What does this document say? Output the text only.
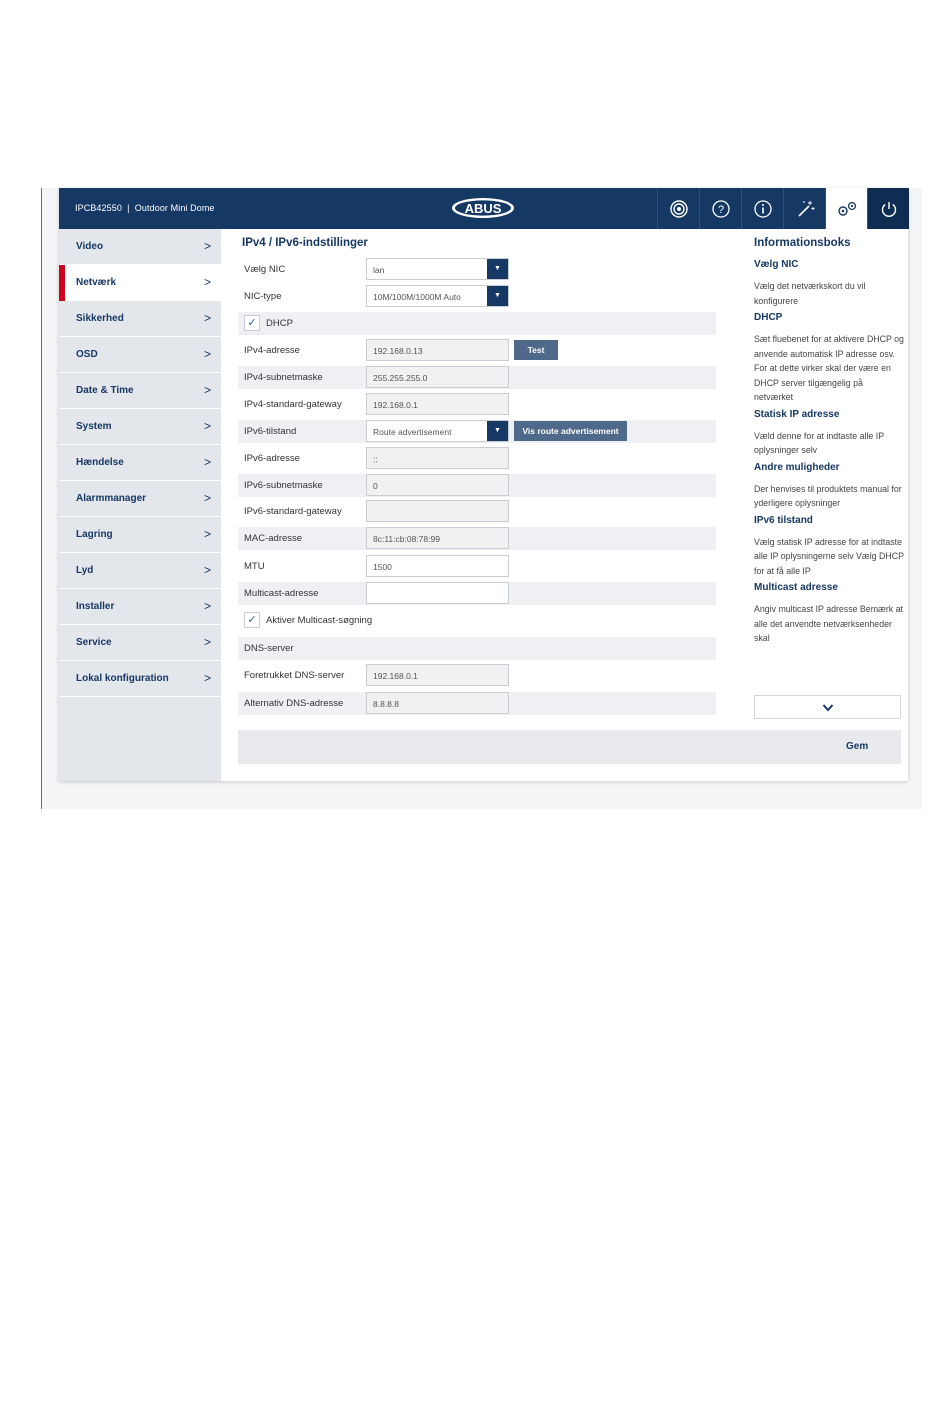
IPCB42550 | Outdoor Mini Dome	ABUS	?
Video	>
Netværk	>
Sikkerhed	>
OSD	>
Date & Time	>
System	>
Hændelse	>
Alarmmanager	>
Lagring	>
Lyd	>
Installer	>
Service	>
Lokal konfiguration	>
IPv4 / IPv6-indstillinger
Vælg NIC	lan	▼
NIC-type	10M/100M/1000M Auto	▼
✓ DHCP
IPv4-adresse	192.168.0.13	Test
IPv4-subnetmaske	255.255.255.0
IPv4-standard-gateway	192.168.0.1
IPv6-tilstand	Route advertisement	▼	Vis route advertisement
IPv6-adresse	::
IPv6-subnetmaske	0
IPv6-standard-gateway
MAC-adresse	8c:11:cb:08:78:99
MTU	1500
Multicast-adresse
✓ Aktiver Multicast-søgning
DNS-server
Foretrukket DNS-server	192.168.0.1
Alternativ DNS-adresse	8.8.8.8
Informationsboks
Vælg NIC
Vælg det netværkskort du vil konfigurere
DHCP
Sæt fluebenet for at aktivere DHCP og anvende automatisk IP adresse osv. For at dette virker skal der være en DHCP server tilgængelig på netværket
Statisk IP adresse
Væld denne for at indtaste alle IP oplysninger selv
Andre muligheder
Der henvises til produktets manual for yderligere oplysninger
IPv6 tilstand
Vælg statisk IP adresse for at indtaste alle IP oplysningerne selv Vælg DHCP for at få alle IP
Multicast adresse
Angiv multicast IP adresse Bemærk at alle det anvendte netværksenheder skal
Gem
